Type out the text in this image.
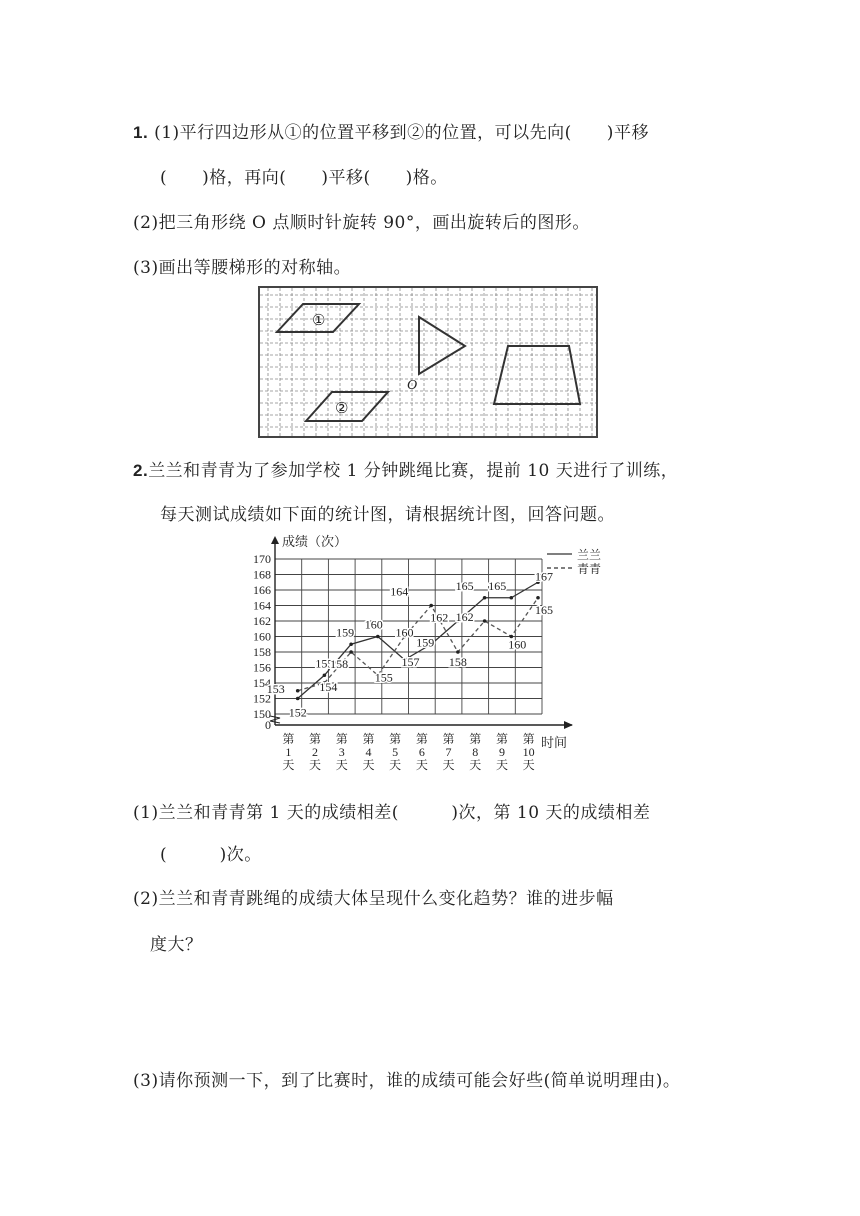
1. (1)平行四边形从①的位置平移到②的位置，可以先向(　　)平移
(　　)格，再向(　　)平移(　　)格。
(2)把三角形绕 O 点顺时针旋转 90°，画出旋转后的图形。
(3)画出等腰梯形的对称轴。
①
②
O
2.兰兰和青青为了参加学校 1 分钟跳绳比赛，提前 10 天进行了训练，
每天测试成绩如下面的统计图，请根据统计图，回答问题。
成绩（次）
时间
170
168
166
164
162
160
158
156
154
152
150
0
第
1
天
第
2
天
第
3
天
第
4
天
第
5
天
第
6
天
第
7
天
第
8
天
第
9
天
第
10
天
152
155
159
160
157
159
165 165
167
153	154
158
155
160
164
162
158
162
160
165
兰兰
青青
(1)兰兰和青青第 1 天的成绩相差(　　　)次，第 10 天的成绩相差
(　　　)次。
(2)兰兰和青青跳绳的成绩大体呈现什么变化趋势？谁的进步幅
度大？
(3)请你预测一下，到了比赛时，谁的成绩可能会好些(简单说明理由)。
